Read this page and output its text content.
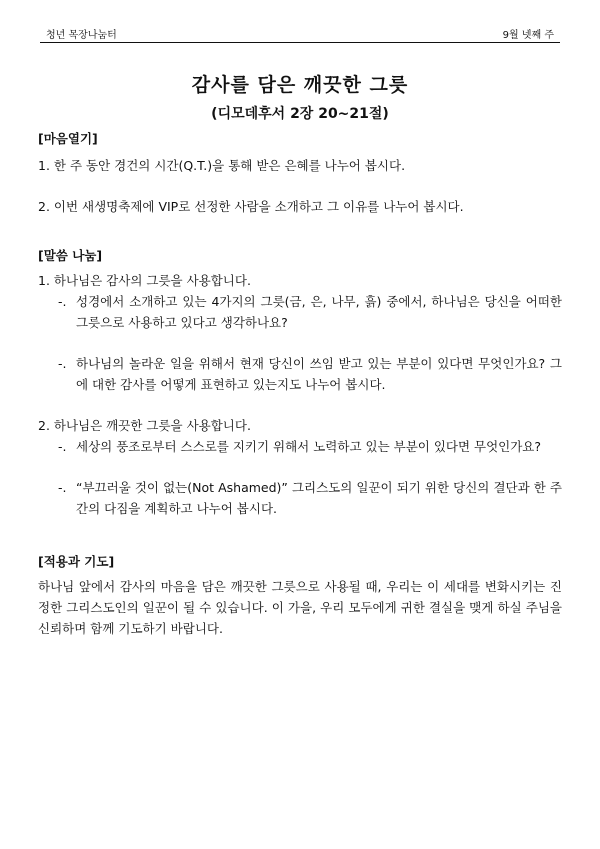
청년 목장나눔터	9월 넷째 주
감사를 담은 깨끗한 그릇
(디모데후서 2장 20~21절)

[마음열기]

1. 한 주 동안 경건의 시간(Q.T.)을 통해 받은 은혜를 나누어 봅시다.

2. 이번 새생명축제에 VIP로 선정한 사람을 소개하고 그 이유를 나누어 봅시다.

[말씀 나눔]

1. 하나님은 감사의 그릇을 사용합니다.

-. 성경에서 소개하고 있는 4가지의 그릇(금, 은, 나무, 흙) 중에서, 하나님은 당신을 어떠한 그릇으로 사용하고 있다고 생각하나요?
-. 하나님의 놀라운 일을 위해서 현재 당신이 쓰임 받고 있는 부분이 있다면 무엇인가요? 그에 대한 감사를 어떻게 표현하고 있는지도 나누어 봅시다.

2. 하나님은 깨끗한 그릇을 사용합니다.

-. 세상의 풍조로부터 스스로를 지키기 위해서 노력하고 있는 부분이 있다면 무엇인가요?
-. “부끄러울 것이 없는(Not Ashamed)” 그리스도의 일꾼이 되기 위한 당신의 결단과 한 주간의 다짐을 계획하고 나누어 봅시다.

[적용과 기도]

하나님 앞에서 감사의 마음을 담은 깨끗한 그릇으로 사용될 때, 우리는 이 세대를 변화시키는 진정한 그리스도인의 일꾼이 될 수 있습니다. 이 가을, 우리 모두에게 귀한 결실을 맺게 하실 주님을 신뢰하며 함께 기도하기 바랍니다.
